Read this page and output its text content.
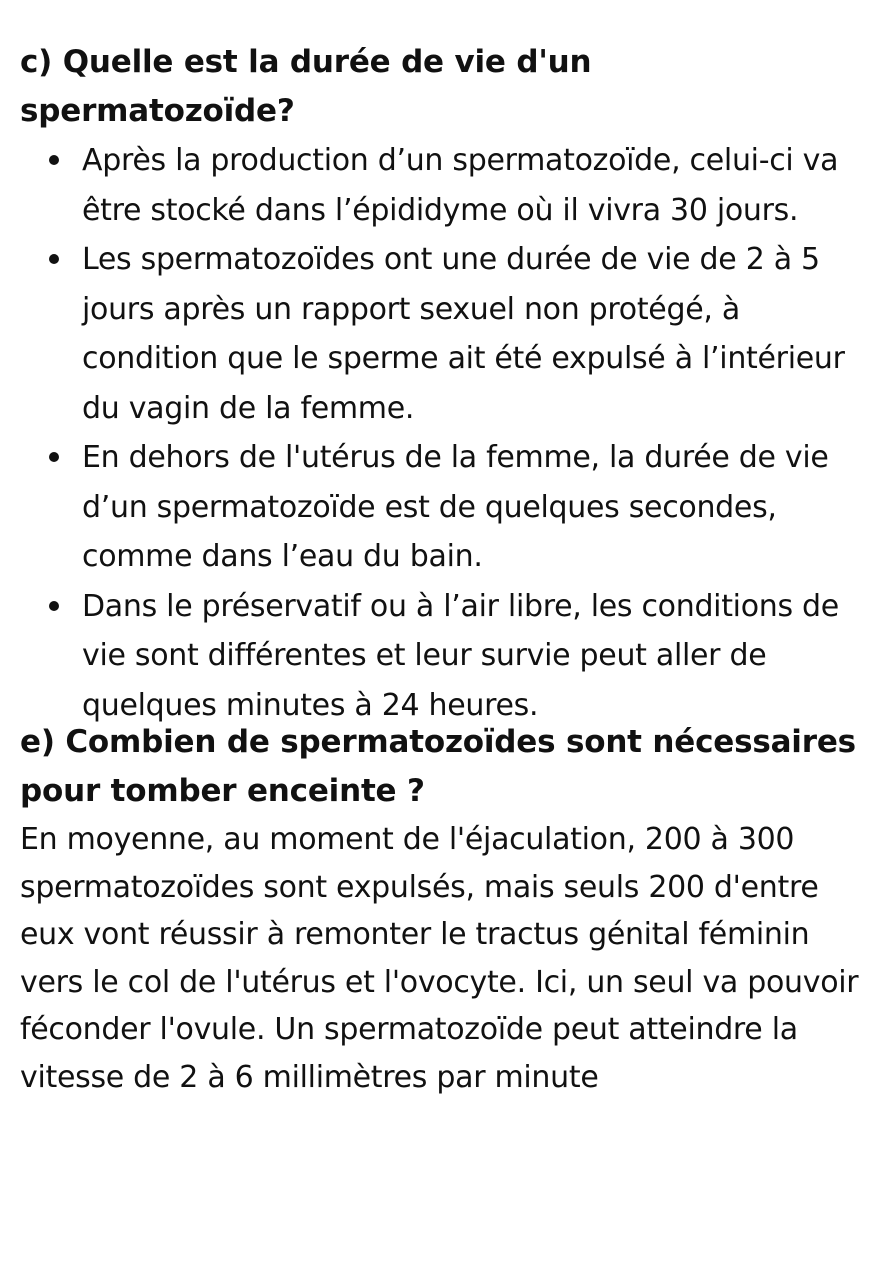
c) Quelle est la durée de vie d'un spermatozoïde?
Après la production d’un spermatozoïde, celui-ci va être stocké dans l’épididyme où il vivra 30 jours.
Les spermatozoïdes ont une durée de vie de 2 à 5 jours après un rapport sexuel non protégé, à condition que le sperme ait été expulsé à l’intérieur du vagin de la femme.
En dehors de l'utérus de la femme, la durée de vie d’un spermatozoïde est de quelques secondes, comme dans l’eau du bain.
Dans le préservatif ou à l’air libre, les conditions de vie sont différentes et leur survie peut aller de quelques minutes à 24 heures.
e) Combien de spermatozoïdes sont nécessaires pour tomber enceinte ?

En moyenne, au moment de l'éjaculation, 200 à 300 spermatozoïdes sont expulsés, mais seuls 200 d'entre eux vont réussir à remonter le tractus génital féminin vers le col de l'utérus et l'ovocyte. Ici, un seul va pouvoir féconder l'ovule. Un spermatozoïde peut atteindre la vitesse de 2 à 6 millimètres par minute
